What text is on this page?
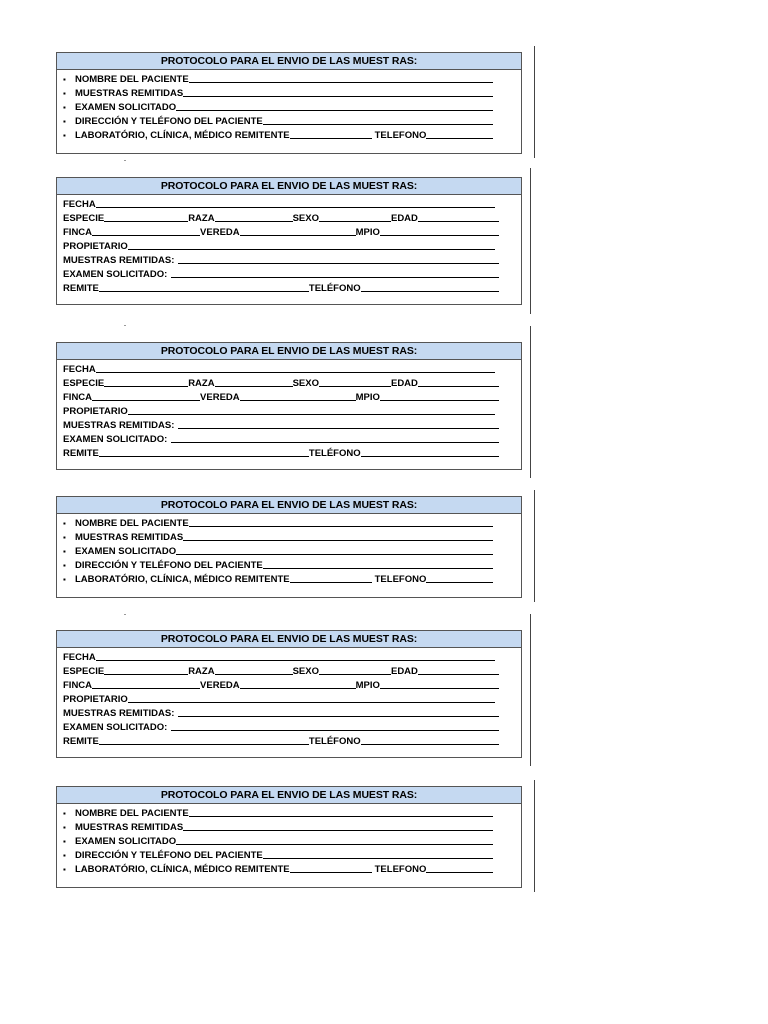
PROTOCOLO PARA EL ENVIO DE LAS MUEST RAS:
▪ NOMBRE DEL PACIENTE
▪ MUESTRAS REMITIDAS
▪ EXAMEN SOLICITADO
▪ DIRECCIÓN Y TELÉFONO DEL PACIENTE
▪ LABORATÓRIO, CLÍNICA, MÉDICO REMITENTE	TELEFONO
PROTOCOLO PARA EL ENVIO DE LAS MUEST RAS:
FECHA
ESPECIE	RAZA	SEXO	EDAD
FINCA	VEREDA	MPIO
PROPIETARIO
MUESTRAS REMITIDAS:
EXAMEN SOLICITADO:
REMITE	TELÉFONO
PROTOCOLO PARA EL ENVIO DE LAS MUEST RAS:
FECHA
ESPECIE	RAZA	SEXO	EDAD
FINCA	VEREDA	MPIO
PROPIETARIO
MUESTRAS REMITIDAS:
EXAMEN SOLICITADO:
REMITE	TELÉFONO
PROTOCOLO PARA EL ENVIO DE LAS MUEST RAS:
▪ NOMBRE DEL PACIENTE
▪ MUESTRAS REMITIDAS
▪ EXAMEN SOLICITADO
▪ DIRECCIÓN Y TELÉFONO DEL PACIENTE
▪ LABORATÓRIO, CLÍNICA, MÉDICO REMITENTE	TELEFONO
PROTOCOLO PARA EL ENVIO DE LAS MUEST RAS:
FECHA
ESPECIE	RAZA	SEXO	EDAD
FINCA	VEREDA	MPIO
PROPIETARIO
MUESTRAS REMITIDAS:
EXAMEN SOLICITADO:
REMITE	TELÉFONO
PROTOCOLO PARA EL ENVIO DE LAS MUEST RAS:
▪ NOMBRE DEL PACIENTE
▪ MUESTRAS REMITIDAS
▪ EXAMEN SOLICITADO
▪ DIRECCIÓN Y TELÉFONO DEL PACIENTE
▪ LABORATÓRIO, CLÍNICA, MÉDICO REMITENTE	TELEFONO
